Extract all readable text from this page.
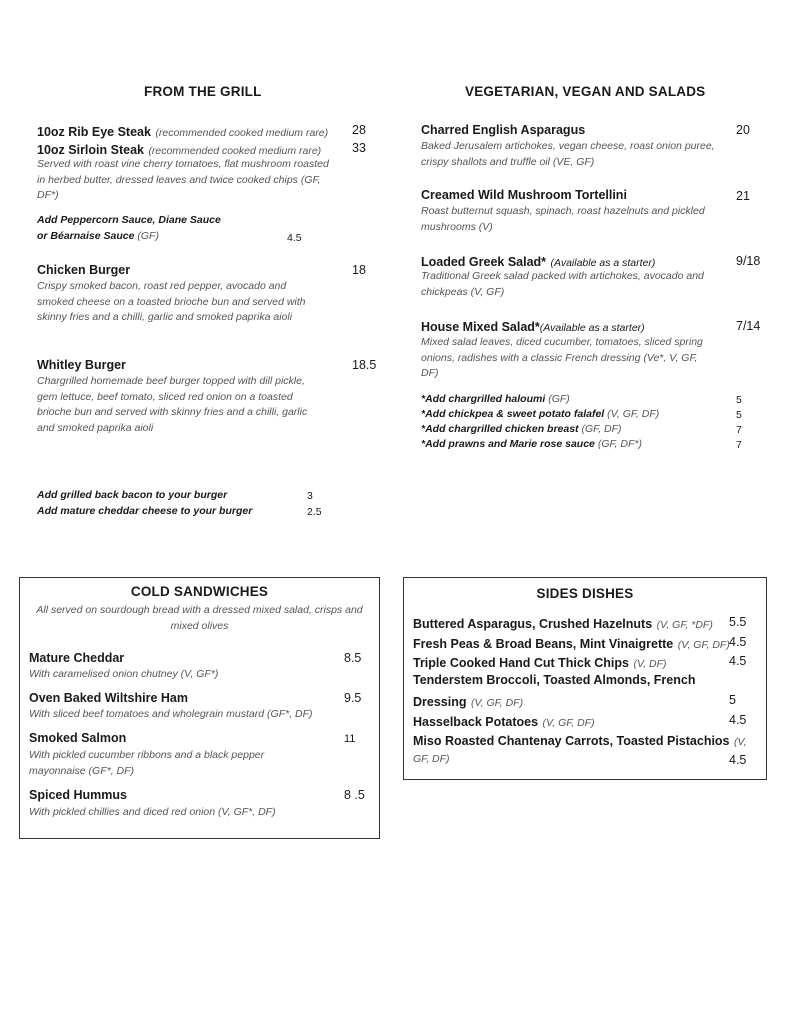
FROM THE GRILL
10oz Rib Eye Steak (recommended cooked medium rare) 28
10oz Sirloin Steak (recommended cooked medium rare) 33
Served with roast vine cherry tomatoes, flat mushroom roasted in herbed butter, dressed leaves and twice cooked chips (GF, DF*)
Add Peppercorn Sauce, Diane Sauce
or Béarnaise Sauce (GF)	4.5
Chicken Burger	18
Crispy smoked bacon, roast red pepper, avocado and smoked cheese on a toasted brioche bun and served with skinny fries and a chilli, garlic and smoked paprika aioli
Whitley Burger	18.5
Chargrilled homemade beef burger topped with dill pickle, gem lettuce, beef tomato, sliced red onion on a toasted brioche bun and served with skinny fries and a chilli, garlic and smoked paprika aioli
Add grilled back bacon to your burger	3
Add mature cheddar cheese to your burger	2.5
VEGETARIAN, VEGAN AND SALADS
Charred English Asparagus	20
Baked Jerusalem artichokes, vegan cheese, roast onion puree, crispy shallots and truffle oil (VE, GF)
Creamed Wild Mushroom Tortellini	21
Roast butternut squash, spinach, roast hazelnuts and pickled mushrooms (V)
Loaded Greek Salad* (Available as a starter)	9/18
Traditional Greek salad packed with artichokes, avocado and chickpeas (V, GF)
House Mixed Salad*(Available as a starter)	7/14
Mixed salad leaves, diced cucumber, tomatoes, sliced spring onions, radishes with a classic French dressing (Ve*, V, GF, DF)
*Add chargrilled haloumi (GF)	5
*Add chickpea & sweet potato falafel (V, GF, DF)	5
*Add chargrilled chicken breast (GF, DF)	7
*Add prawns and Marie rose sauce (GF, DF*)	7
COLD SANDWICHES
All served on sourdough bread with a dressed mixed salad, crisps and mixed olives
Mature Cheddar	8.5
With caramelised onion chutney (V, GF*)
Oven Baked Wiltshire Ham	9.5
With sliced beef tomatoes and wholegrain mustard (GF*, DF)
Smoked Salmon	11
With pickled cucumber ribbons and a black pepper mayonnaise (GF*, DF)
Spiced Hummus	8 .5
With pickled chillies and diced red onion (V, GF*, DF)
SIDES DISHES
Buttered Asparagus, Crushed Hazelnuts (V, GF, *DF) 5.5
Fresh Peas & Broad Beans, Mint Vinaigrette (V, GF, DF) 4.5
Triple Cooked Hand Cut Thick Chips (V, DF)	4.5
Tenderstem Broccoli, Toasted Almonds, French
Dressing (V, GF, DF)	5
Hasselback Potatoes (V, GF, DF)	4.5
Miso Roasted Chantenay Carrots, Toasted Pistachios (V,
GF, DF)	4.5
